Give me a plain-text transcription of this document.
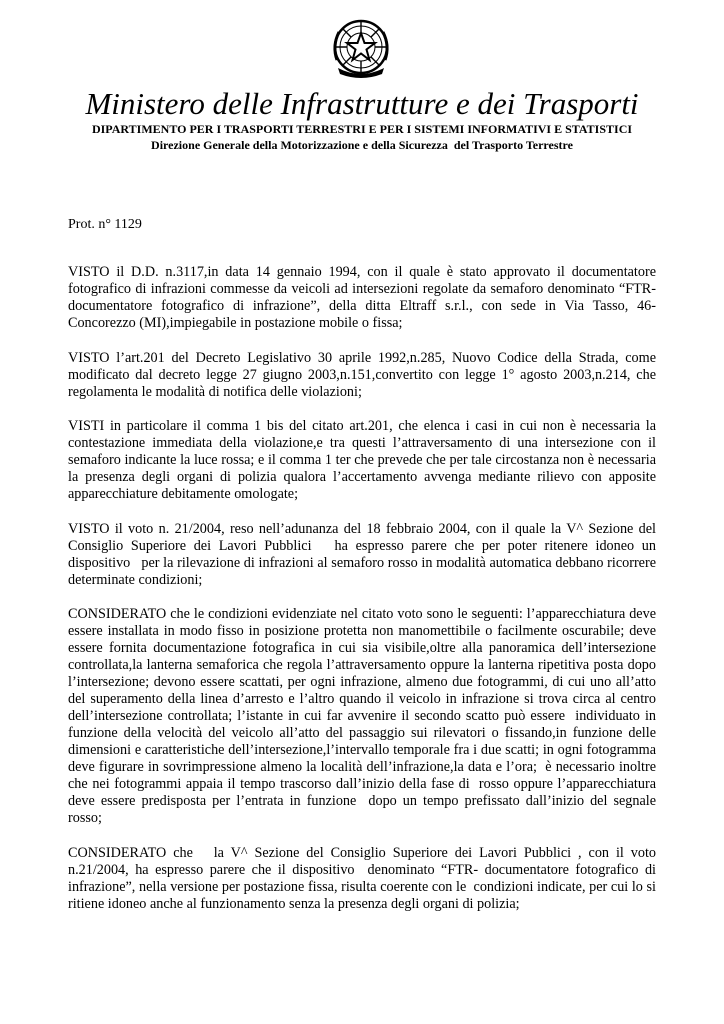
Ministero delle Infrastrutture e dei Trasporti
DIPARTIMENTO PER I TRASPORTI TERRESTRI E PER I SISTEMI INFORMATIVI E STATISTICI
Direzione Generale della Motorizzazione e della Sicurezza  del Trasporto Terrestre
Prot. n° 1129

VISTO il D.D. n.3117,in data 14 gennaio 1994, con il quale è stato approvato il documentatore fotografico di infrazioni commesse da veicoli ad intersezioni regolate da semaforo denominato “FTR- documentatore fotografico di infrazione”, della ditta Eltraff s.r.l., con sede in Via Tasso, 46- Concorezzo (MI),impiegabile in postazione mobile o fissa;

VISTO l’art.201 del Decreto Legislativo 30 aprile 1992,n.285, Nuovo Codice della Strada, come modificato dal decreto legge 27 giugno 2003,n.151,convertito con legge 1° agosto 2003,n.214, che regolamenta le modalità di notifica delle violazioni;

VISTI in particolare il comma 1 bis del citato art.201, che elenca i casi in cui non è necessaria la contestazione immediata della violazione,e tra questi l’attraversamento di una intersezione con il semaforo indicante la luce rossa; e il comma 1 ter che prevede che per tale circostanza non è necessaria la presenza degli organi di polizia qualora l’accertamento avvenga mediante rilievo con apposite apparecchiature debitamente omologate;

VISTO il voto n. 21/2004, reso nell’adunanza del 18 febbraio 2004, con il quale la V^ Sezione del Consiglio Superiore dei Lavori Pubblici   ha espresso parere che per poter ritenere idoneo un dispositivo   per la rilevazione di infrazioni al semaforo rosso in modalità automatica debbano ricorrere determinate condizioni;

CONSIDERATO che le condizioni evidenziate nel citato voto sono le seguenti: l’apparecchiatura deve essere installata in modo fisso in posizione protetta non manomettibile o facilmente oscurabile; deve essere fornita documentazione fotografica in cui sia visibile,oltre alla panoramica dell’intersezione controllata,la lanterna semaforica che regola l’attraversamento oppure la lanterna ripetitiva posta dopo l’intersezione; devono essere scattati, per ogni infrazione, almeno due fotogrammi, di cui uno all’atto del superamento della linea d’arresto e l’altro quando il veicolo in infrazione si trova circa al centro dell’intersezione controllata; l’istante in cui far avvenire il secondo scatto può essere  individuato in funzione della velocità del veicolo all’atto del passaggio sui rilevatori o fissando,in funzione delle dimensioni e caratteristiche dell’intersezione,l’intervallo temporale fra i due scatti; in ogni fotogramma deve figurare in sovrimpressione almeno la località dell’infrazione,la data e l’ora;  è necessario inoltre che nei fotogrammi appaia il tempo trascorso dall’inizio della fase di  rosso oppure l’apparecchiatura deve essere predisposta per l’entrata in funzione  dopo un tempo prefissato dall’inizio del segnale rosso;

CONSIDERATO che   la V^ Sezione del Consiglio Superiore dei Lavori Pubblici , con il voto n.21/2004, ha espresso parere che il dispositivo  denominato “FTR- documentatore fotografico di infrazione”, nella versione per postazione fissa, risulta coerente con le  condizioni indicate, per cui lo si ritiene idoneo anche al funzionamento senza la presenza degli organi di polizia;
